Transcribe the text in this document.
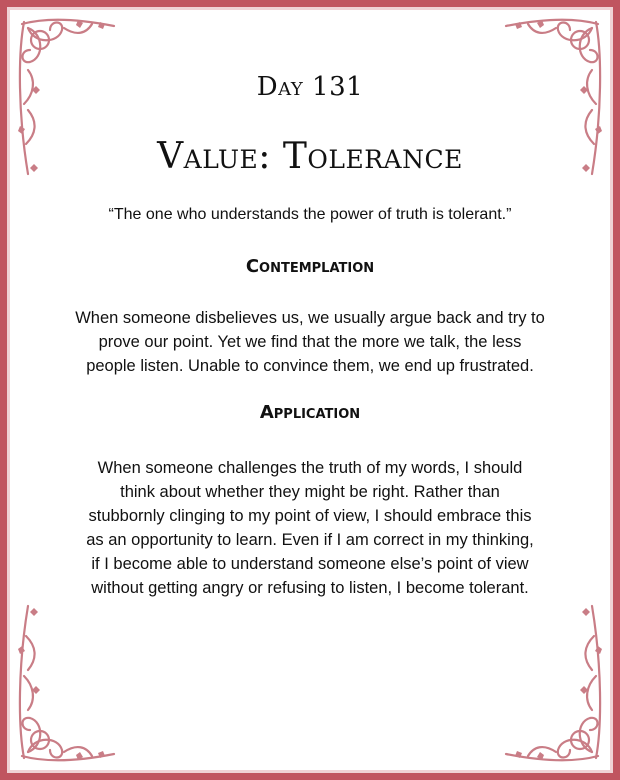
Day 131
Value: Tolerance
“The one who understands the power of truth is tolerant.”
Contemplation
When someone disbelieves us, we usually argue back and try to
prove our point. Yet we find that the more we talk, the less
people listen. Unable to convince them, we end up frustrated.
Application
When someone challenges the truth of my words, I should
think about whether they might be right. Rather than
stubbornly clinging to my point of view, I should embrace this
as an opportunity to learn. Even if I am correct in my thinking,
if I become able to understand someone else’s point of view
without getting angry or refusing to listen, I become tolerant.
